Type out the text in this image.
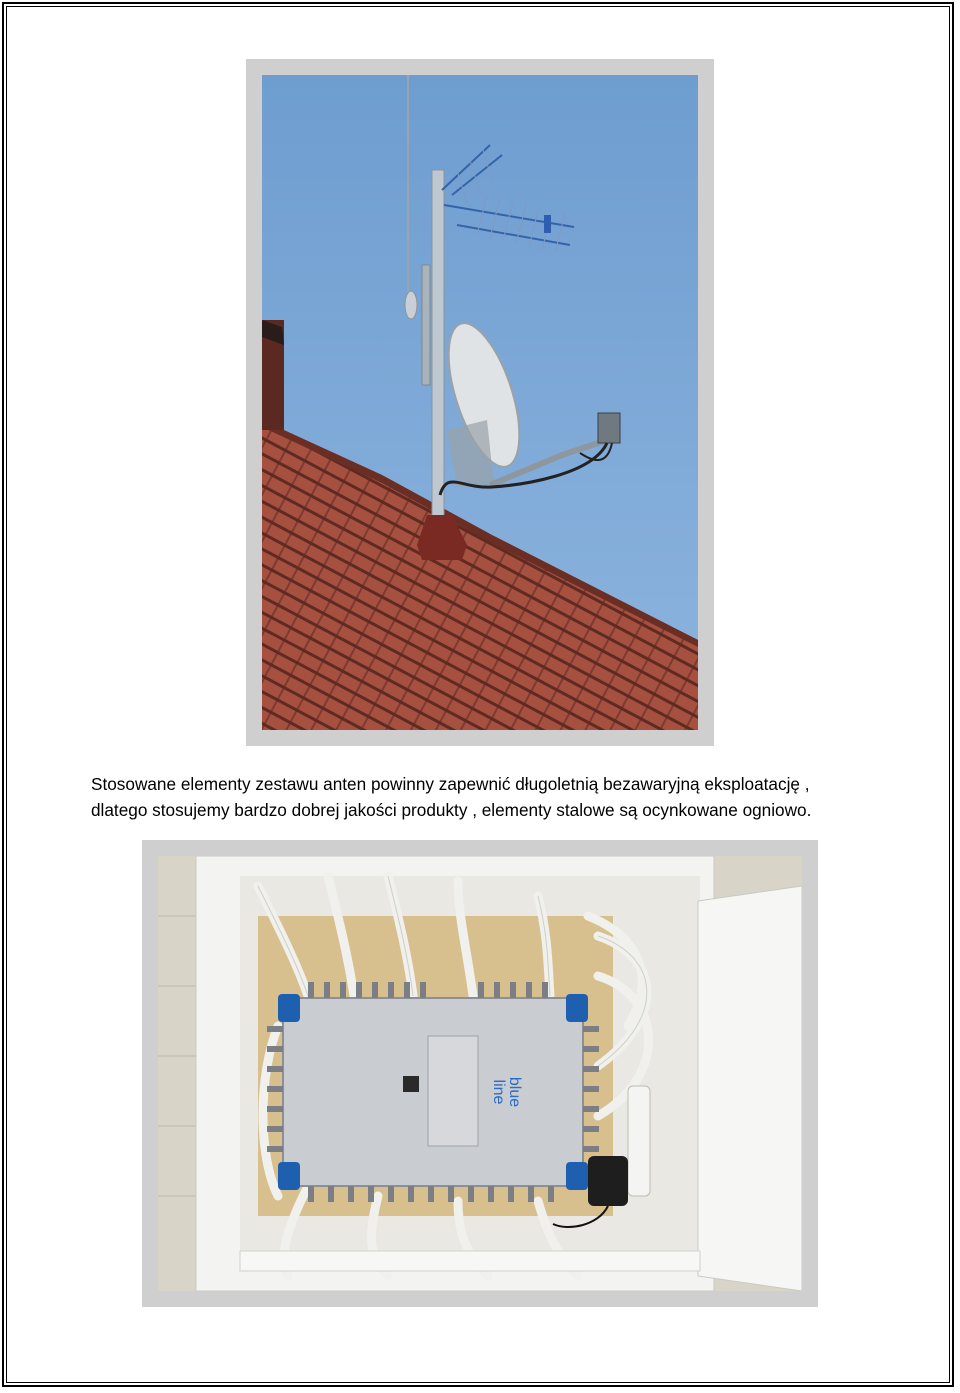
Stosowane elementy zestawu anten powinny zapewnić długoletnią bezawaryjną eksploatację ,
dlatego stosujemy bardzo dobrej jakości produkty , elementy stalowe są ocynkowane ogniowo.

blue
line
